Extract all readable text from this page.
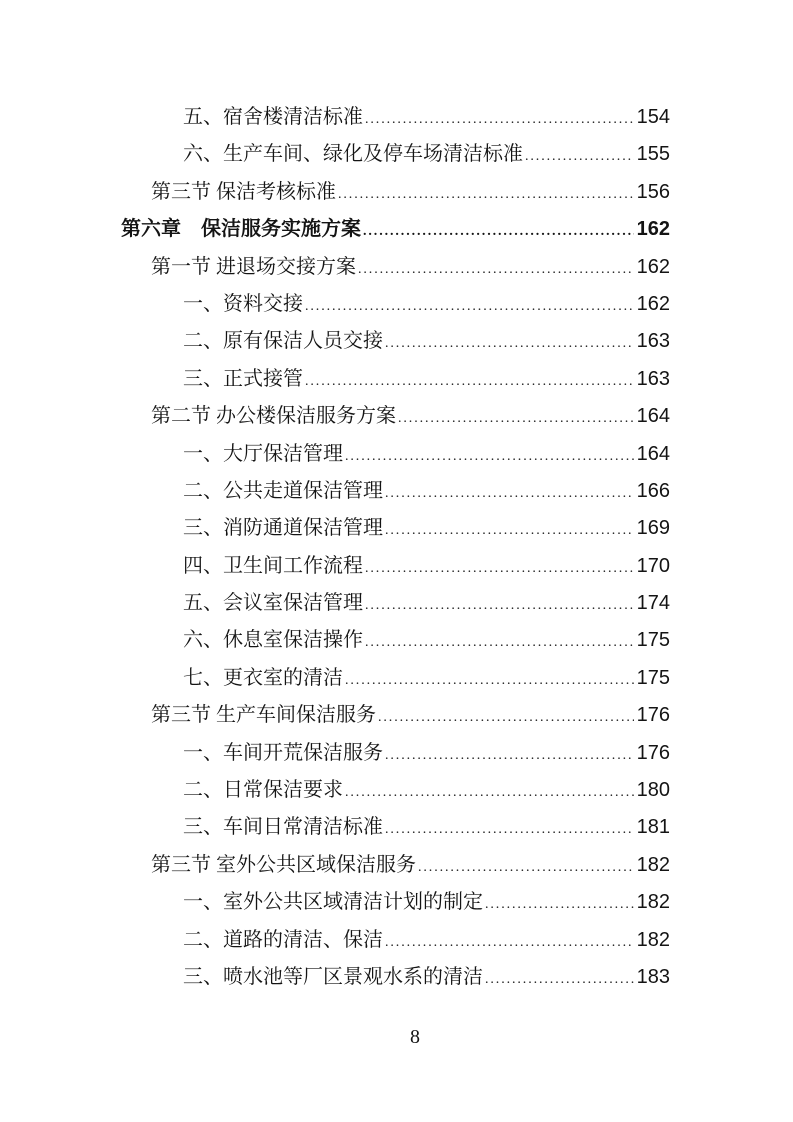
五、宿舍楼清洁标准 .....	154
六、生产车间、绿化及停车场清洁标准 .....	155
第三节 保洁考核标准 .....	156
第六章　保洁服务实施方案 .....	162
第一节 进退场交接方案 .....	162
一、资料交接 .....	162
二、原有保洁人员交接 .....	163
三、正式接管 .....	163
第二节 办公楼保洁服务方案 .....	164
一、大厅保洁管理 .....	164
二、公共走道保洁管理 .....	166
三、消防通道保洁管理 .....	169
四、卫生间工作流程 .....	170
五、会议室保洁管理 .....	174
六、休息室保洁操作 .....	175
七、更衣室的清洁 .....	175
第三节 生产车间保洁服务 .....	176
一、车间开荒保洁服务 .....	176
二、日常保洁要求 .....	180
三、车间日常清洁标准 .....	181
第三节 室外公共区域保洁服务 .....	182
一、室外公共区域清洁计划的制定 .....	182
二、道路的清洁、保洁 .....	182
三、喷水池等厂区景观水系的清洁 .....	183
8
